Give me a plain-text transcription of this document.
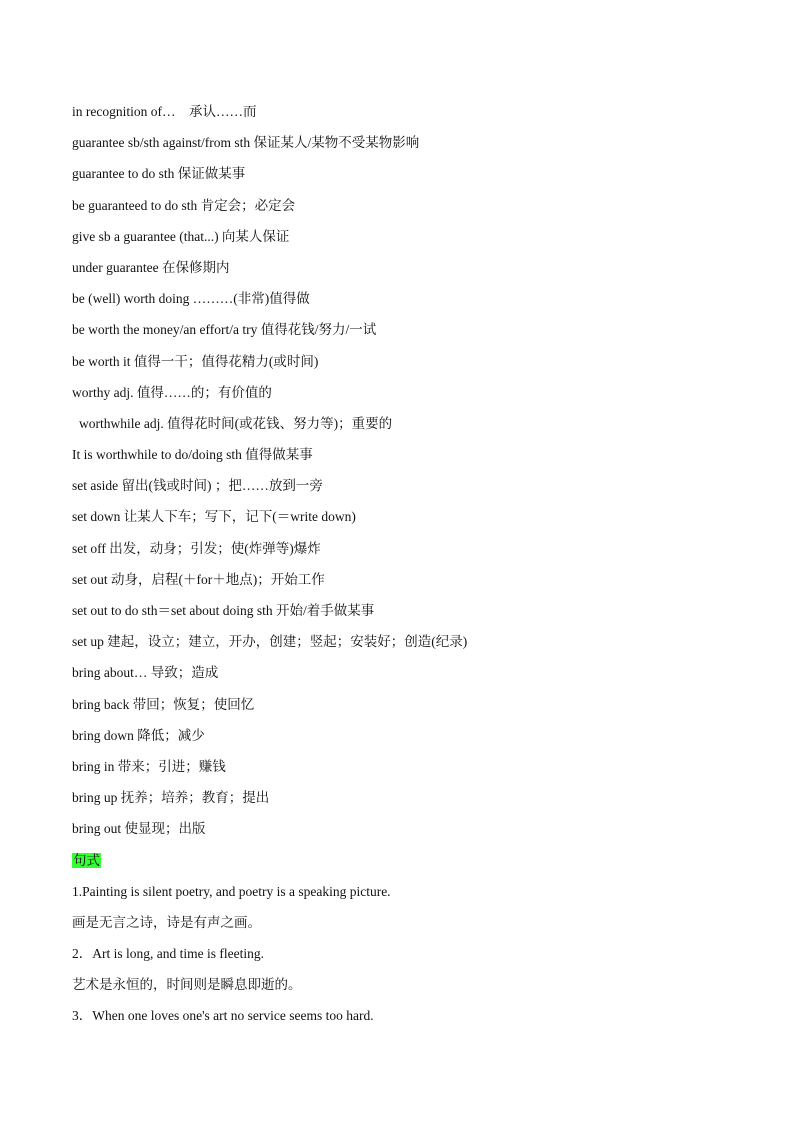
in recognition of…　承认……而
guarantee sb/sth against/from sth 保证某人/某物不受某物影响
guarantee to do sth 保证做某事
be guaranteed to do sth 肯定会；必定会
give sb a guarantee (that...) 向某人保证
under guarantee 在保修期内
be (well) worth doing ………(非常)值得做
be worth the money/an effort/a try 值得花钱/努力/一试
be worth it 值得一干；值得花精力(或时间)
worthy adj. 值得……的；有价值的
worthwhile adj. 值得花时间(或花钱、努力等)；重要的
It is worthwhile to do/doing sth 值得做某事
set aside 留出(钱或时间) ；把……放到一旁
set down 让某人下车；写下，记下(＝write down)
set off 出发，动身；引发；使(炸弹等)爆炸
set out 动身，启程(＋for＋地点)；开始工作
set out to do sth＝set about doing sth 开始/着手做某事
set up 建起，设立；建立，开办，创建；竖起；安装好；创造(纪录)
bring about… 导致；造成
bring back 带回；恢复；使回忆
bring down 降低；减少
bring in 带来；引进；赚钱
bring up 抚养；培养；教育；提出
bring out 使显现；出版
句式
1.Painting is silent poetry, and poetry is a speaking picture.
画是无言之诗，诗是有声之画。
2．Art is long, and time is fleeting.
艺术是永恒的，时间则是瞬息即逝的。
3．When one loves one's art no service seems too hard.
